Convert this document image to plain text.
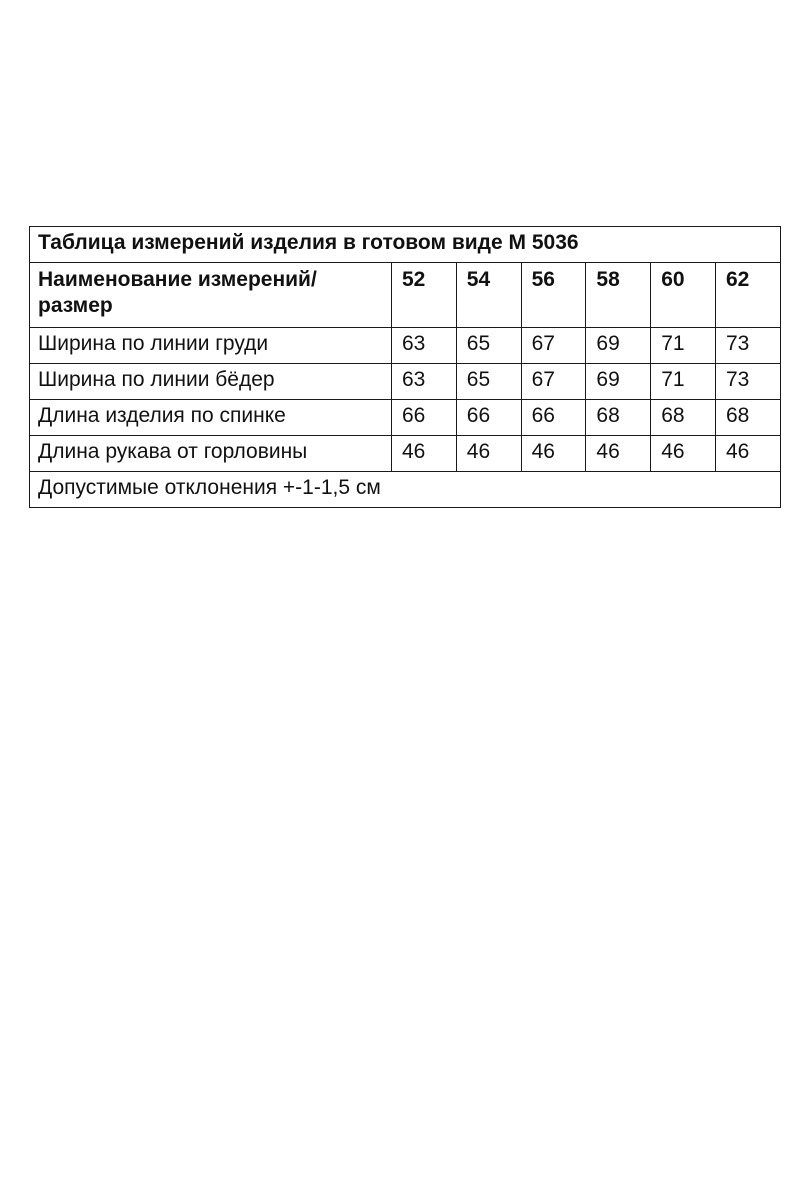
Таблица измерений изделия в готовом виде М 5036						
Наименование измерений/размер	52	54	56	58	60	62
Ширина по линии груди	63	65	67	69	71	73
Ширина по линии бёдер	63	65	67	69	71	73
Длина изделия по спинке	66	66	66	68	68	68
Длина рукава от горловины	46	46	46	46	46	46
Допустимые отклонения +-1-1,5 см						
